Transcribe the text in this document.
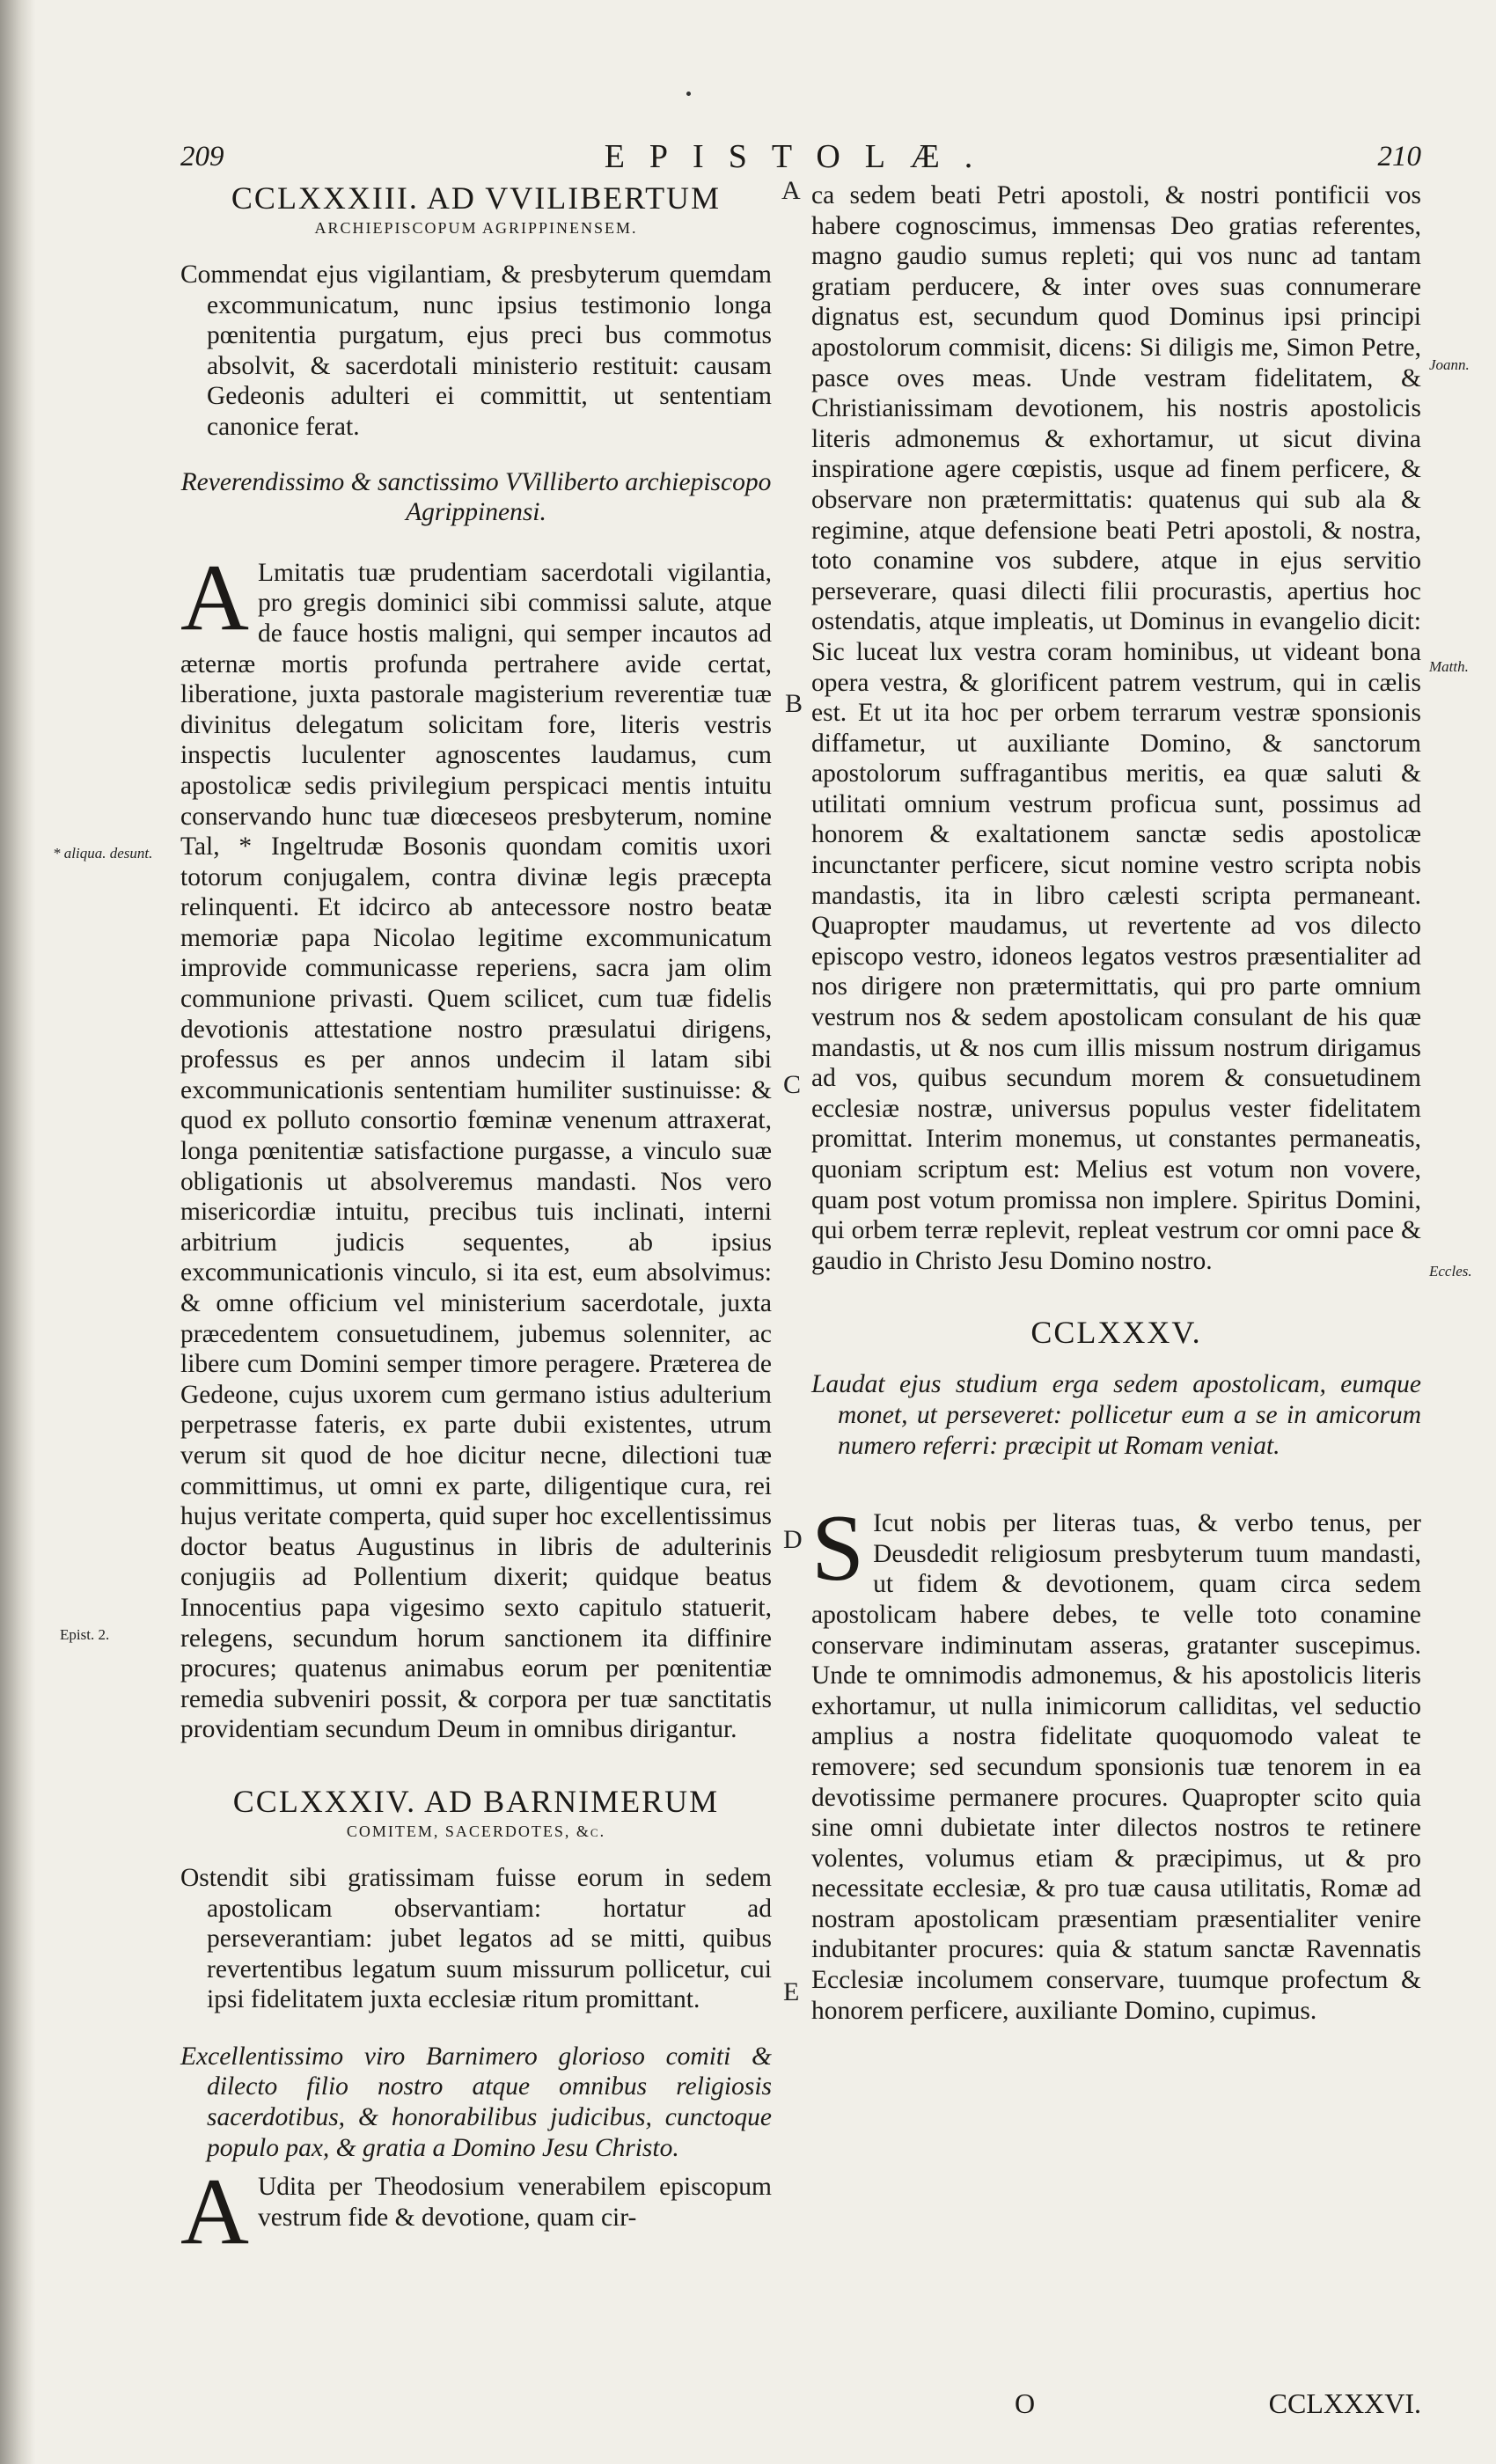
209	EPISTOLÆ.	210
CCLXXXIII. AD VVILIBERTUM
ARCHIEPISCOPUM AGRIPPINENSEM.

Commendat ejus vigilantiam, & presbyterum quemdam excommunicatum, nunc ipsius testimonio longa pœnitentia purgatum, ejus preci bus commotus absolvit, & sacerdotali ministerio restituit: causam Gedeonis adulteri ei committit, ut sententiam canonice ferat.

Reverendissimo & sanctissimo VVilliberto archiepiscopo Agrippinensi.

A Lmitatis tuæ prudentiam sacerdotali vigilantia, pro gregis dominici sibi commissi salute, atque de fauce hostis maligni, qui semper incautos ad æternæ mortis profunda pertrahere avide certat, liberatione, juxta pastorale magisterium reverentiæ tuæ divinitus delegatum solicitam fore, literis vestris inspectis luculenter agnoscentes laudamus, cum apostolicæ sedis privilegium perspicaci mentis intuitu conservando hunc tuæ diœceseos presbyterum, nomine Tal, * Ingeltrudæ Bosonis quondam comitis uxori totorum conjugalem, contra divinæ legis præcepta relinquenti. Et idcirco ab antecessore nostro beatæ memoriæ papa Nicolao legitime excommunicatum improvide communicasse reperiens, sacra jam olim communione privasti. Quem scilicet, cum tuæ fidelis devotionis attestatione nostro præsulatui dirigens, professus es per annos undecim il latam sibi excommunicationis sententiam humiliter sustinuisse: & quod ex polluto consortio fœminæ venenum attraxerat, longa pœnitentiæ satisfactione purgasse, a vinculo suæ obligationis ut absolveremus mandasti. Nos vero misericordiæ intuitu, precibus tuis inclinati, interni arbitrium judicis sequentes, ab ipsius excommunicationis vinculo, si ita est, eum absolvimus: & omne officium vel ministerium sacerdotale, juxta præcedentem consuetudinem, jubemus solenniter, ac libere cum Domini semper timore peragere. Præterea de Gedeone, cujus uxorem cum germano istius adulterium perpetrasse fateris, ex parte dubii existentes, utrum verum sit quod de hoe dicitur necne, dilectioni tuæ committimus, ut omni ex parte, diligentique cura, rei hujus veritate comperta, quid super hoc excellentissimus doctor beatus Augustinus in libris de adulterinis conjugiis ad Pollentium dixerit; quidque beatus Innocentius papa vigesimo sexto capitulo statuerit, relegens, secundum horum sanctionem ita diffinire procures; quatenus animabus eorum per pœnitentiæ remedia subveniri possit, & corpora per tuæ sanctitatis providentiam secundum Deum in omnibus dirigantur.

CCLXXXIV. AD BARNIMERUM
COMITEM, SACERDOTES, &c.

Ostendit sibi gratissimam fuisse eorum in sedem apostolicam observantiam: hortatur ad perseverantiam: jubet legatos ad se mitti, quibus revertentibus legatum suum missurum pollicetur, cui ipsi fidelitatem juxta ecclesiæ ritum promittant.

Excellentissimo viro Barnimero glorioso comiti & dilecto filio nostro atque omnibus religiosis sacerdotibus, & honorabilibus judicibus, cunctoque populo pax, & gratia a Domino Jesu Christo.

A Udita per Theodosium venerabilem episcopum vestrum fide & devotione, quam cir-

ca sedem beati Petri apostoli, & nostri pontificii vos habere cognoscimus, immensas Deo gratias referentes, magno gaudio sumus repleti; qui vos nunc ad tantam gratiam perducere, & inter oves suas connumerare dignatus est, secundum quod Dominus ipsi principi apostolorum commisit, dicens: Si diligis me, Simon Petre, pasce oves meas. Unde vestram fidelitatem, & Christianissimam devotionem, his nostris apostolicis literis admonemus & exhortamur, ut sicut divina inspiratione agere cœpistis, usque ad finem perficere, & observare non prætermittatis: quatenus qui sub ala & regimine, atque defensione beati Petri apostoli, & nostra, toto conamine vos subdere, atque in ejus servitio perseverare, quasi dilecti filii procurastis, apertius hoc ostendatis, atque impleatis, ut Dominus in evangelio dicit: Sic luceat lux vestra coram hominibus, ut videant bona opera vestra, & glorificent patrem vestrum, qui in cælis est. Et ut ita hoc per orbem terrarum vestræ sponsionis diffametur, ut auxiliante Domino, & sanctorum apostolorum suffragantibus meritis, ea quæ saluti & utilitati omnium vestrum proficua sunt, possimus ad honorem & exaltationem sanctæ sedis apostolicæ incunctanter perficere, sicut nomine vestro scripta nobis mandastis, ita in libro cælesti scripta permaneant. Quapropter maudamus, ut revertente ad vos dilecto episcopo vestro, idoneos legatos vestros præsentialiter ad nos dirigere non prætermittatis, qui pro parte omnium vestrum nos & sedem apostolicam consulant de his quæ mandastis, ut & nos cum illis missum nostrum dirigamus ad vos, quibus secundum morem & consuetudinem ecclesiæ nostræ, universus populus vester fidelitatem promittat. Interim monemus, ut constantes permaneatis, quoniam scriptum est: Melius est votum non vovere, quam post votum promissa non implere. Spiritus Domini, qui orbem terræ replevit, repleat vestrum cor omni pace & gaudio in Christo Jesu Domino nostro.

CCLXXXV.

Laudat ejus studium erga sedem apostolicam, eumque monet, ut perseveret: pollicetur eum a se in amicorum numero referri: præcipit ut Romam veniat.

S Icut nobis per literas tuas, & verbo tenus, per Deusdedit religiosum presbyterum tuum mandasti, ut fidem & devotionem, quam circa sedem apostolicam habere debes, te velle toto conamine conservare indiminutam asseras, gratanter suscepimus. Unde te omnimodis admonemus, & his apostolicis literis exhortamur, ut nulla inimicorum calliditas, vel seductio amplius a nostra fidelitate quoquomodo valeat te removere; sed secundum sponsionis tuæ tenorem in ea devotissime permanere procures. Quapropter scito quia sine omni dubietate inter dilectos nostros te retinere volentes, volumus etiam & præcipimus, ut & pro necessitate ecclesiæ, & pro tuæ causa utilitatis, Romæ ad nostram apostolicam præsentiam præsentialiter venire indubitanter procures: quia & statum sanctæ Ravennatis Ecclesiæ incolumem conservare, tuumque profectum & honorem perficere, auxiliante Domino, cupimus.

A
B
C
D
E
* aliqua. desunt.
Epist. 2.
Joann.
Matth.
Eccles.
O	CCLXXXVI.
